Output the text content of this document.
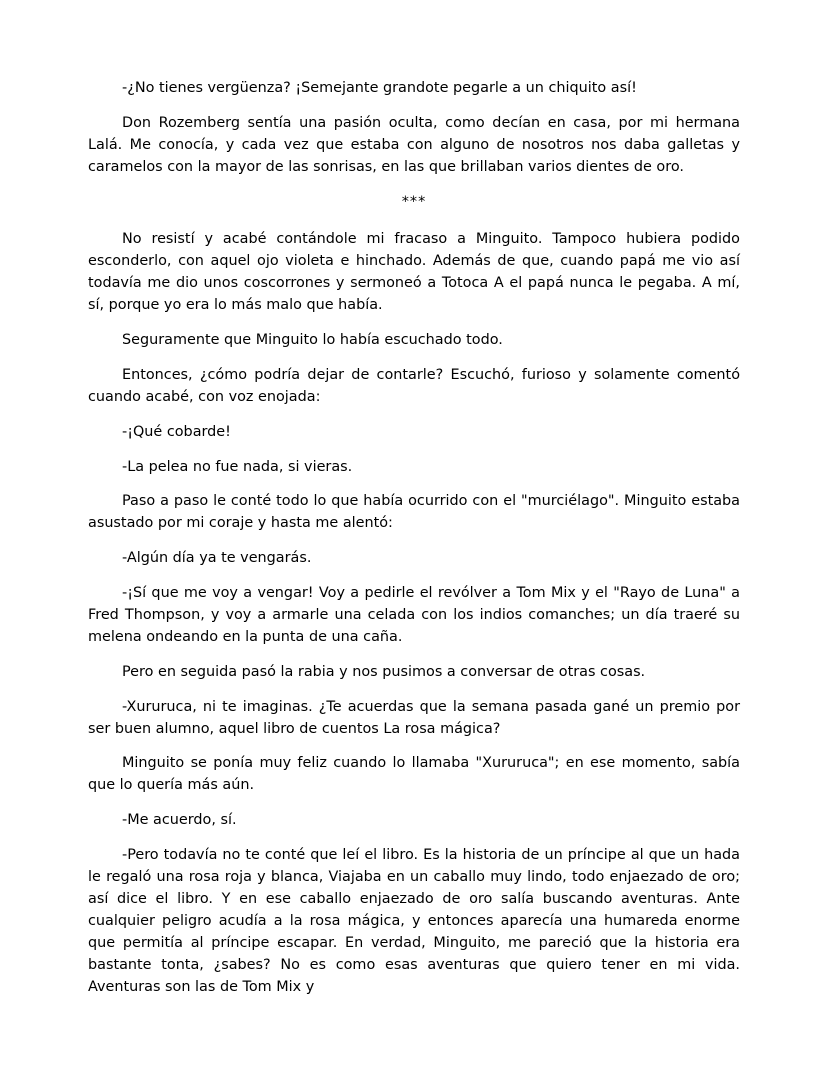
-¿No tienes vergüenza? ¡Semejante grandote pegarle a un chiquito así!

Don Rozemberg sentía una pasión oculta, como decían en casa, por mi hermana Lalá. Me conocía, y cada vez que estaba con alguno de nosotros nos daba galletas y caramelos con la mayor de las sonrisas, en las que brillaban varios dientes de oro.

***

No resistí y acabé contándole mi fracaso a Minguito. Tampoco hubiera podido esconderlo, con aquel ojo violeta e hinchado. Además de que, cuando papá me vio así todavía me dio unos coscorrones y sermoneó a Totoca A el papá nunca le pegaba. A mí, sí, porque yo era lo más malo que había.

Seguramente que Minguito lo había escuchado todo.

Entonces, ¿cómo podría dejar de contarle? Escuchó, furioso y solamente comentó cuando acabé, con voz enojada:

-¡Qué cobarde!

-La pelea no fue nada, si vieras.

Paso a paso le conté todo lo que había ocurrido con el "murciélago". Minguito estaba asustado por mi coraje y hasta me alentó:

-Algún día ya te vengarás.

-¡Sí que me voy a vengar! Voy a pedirle el revólver a Tom Mix y el "Rayo de Luna" a Fred Thompson, y voy a armarle una celada con los indios comanches; un día traeré su melena ondeando en la punta de una caña.

Pero en seguida pasó la rabia y nos pusimos a conversar de otras cosas.

-Xururuca, ni te imaginas. ¿Te acuerdas que la semana pasada gané un premio por ser buen alumno, aquel libro de cuentos La rosa mágica?

Minguito se ponía muy feliz cuando lo llamaba "Xururuca"; en ese momento, sabía que lo quería más aún.

-Me acuerdo, sí.

-Pero todavía no te conté que leí el libro. Es la historia de un príncipe al que un hada le regaló una rosa roja y blanca, Viajaba en un caballo muy lindo, todo enjaezado de oro; así dice el libro. Y en ese caballo enjaezado de oro salía buscando aventuras. Ante cualquier peligro acudía a la rosa mágica, y entonces aparecía una humareda enorme que permitía al príncipe escapar. En verdad, Minguito, me pareció que la historia era bastante tonta, ¿sabes? No es como esas aventuras que quiero tener en mi vida. Aventuras son las de Tom Mix y
